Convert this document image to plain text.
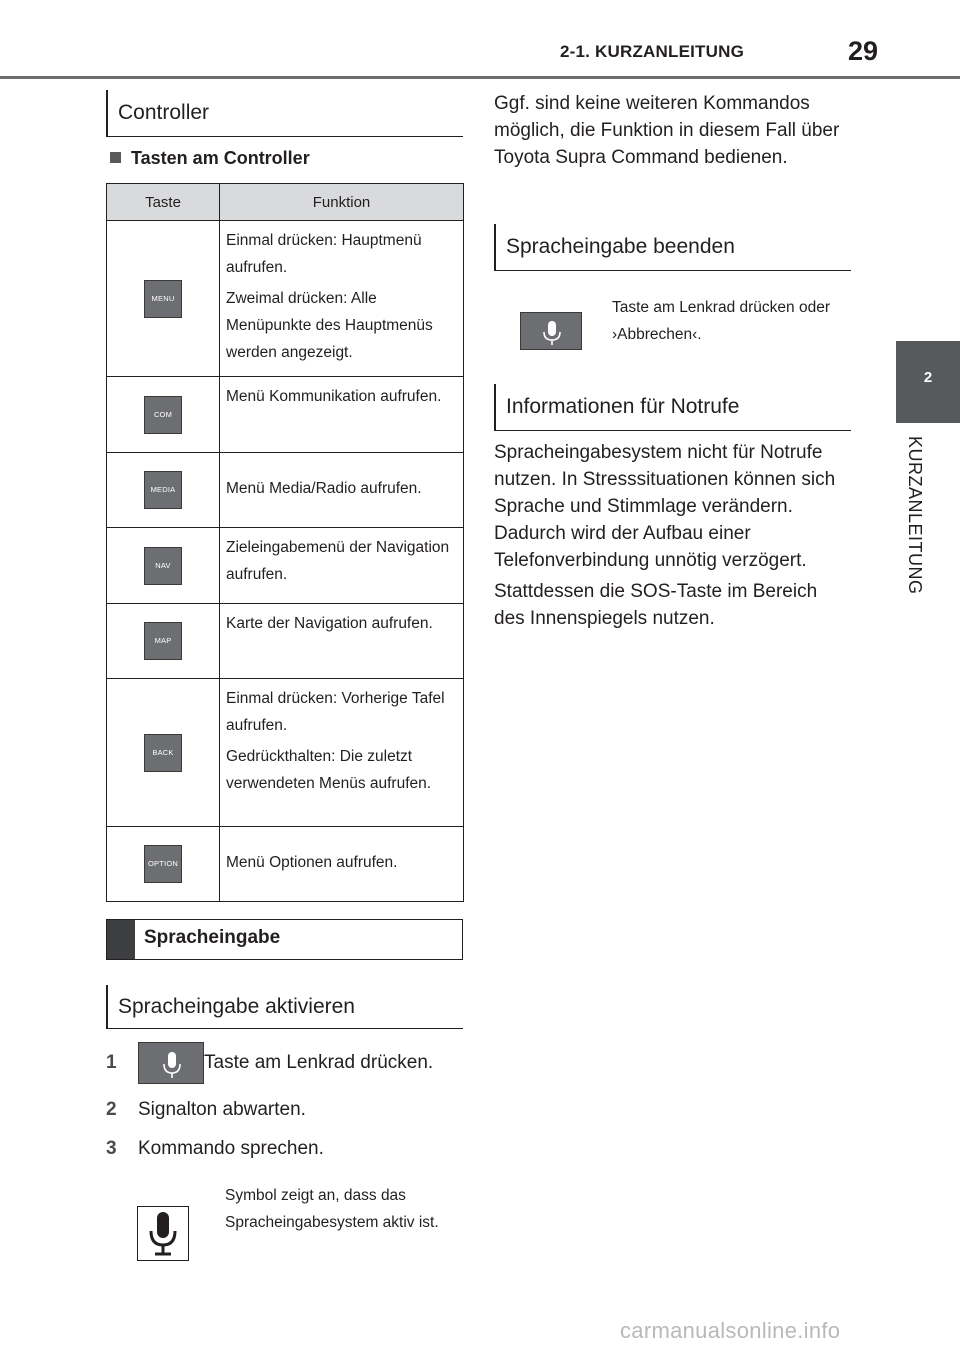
2-1. KURZANLEITUNG	29
2
KURZANLEITUNG
Controller
Tasten am Controller
Taste	Funktion
MENU	Einmal drücken: Hauptmenü aufrufen.

Zweimal drücken: Alle Menüpunkte des Hauptmenüs werden angezeigt.

COM	Menü Kommunikation aufrufen.

MEDIA	Menü Media/Radio aufrufen.

NAV	Zieleingabemenü der Navigation aufrufen.

MAP	Karte der Navigation aufrufen.

BACK	Einmal drücken: Vorherige Tafel aufrufen.

Gedrückthalten: Die zuletzt verwendeten Menüs aufrufen.

OPTION	Menü Optionen aufrufen.

Spracheingabe
Spracheingabe aktivieren
1	Taste am Lenkrad drücken.
2 Signalton abwarten.
3 Kommando sprechen.
Symbol zeigt an, dass das Spracheingabesystem aktiv ist.
Ggf. sind keine weiteren Kommandos möglich, die Funktion in diesem Fall über Toyota Supra Command bedienen.
Spracheingabe beenden
Taste am Lenkrad drücken oder ›Abbrechen‹.
Informationen für Notrufe
Spracheingabesystem nicht für Notrufe nutzen. In Stresssituationen können sich Sprache und Stimmlage verändern. Dadurch wird der Aufbau einer Telefonverbindung unnötig verzögert.
Stattdessen die SOS-Taste im Bereich des Innenspiegels nutzen.
carmanualsonline.info
